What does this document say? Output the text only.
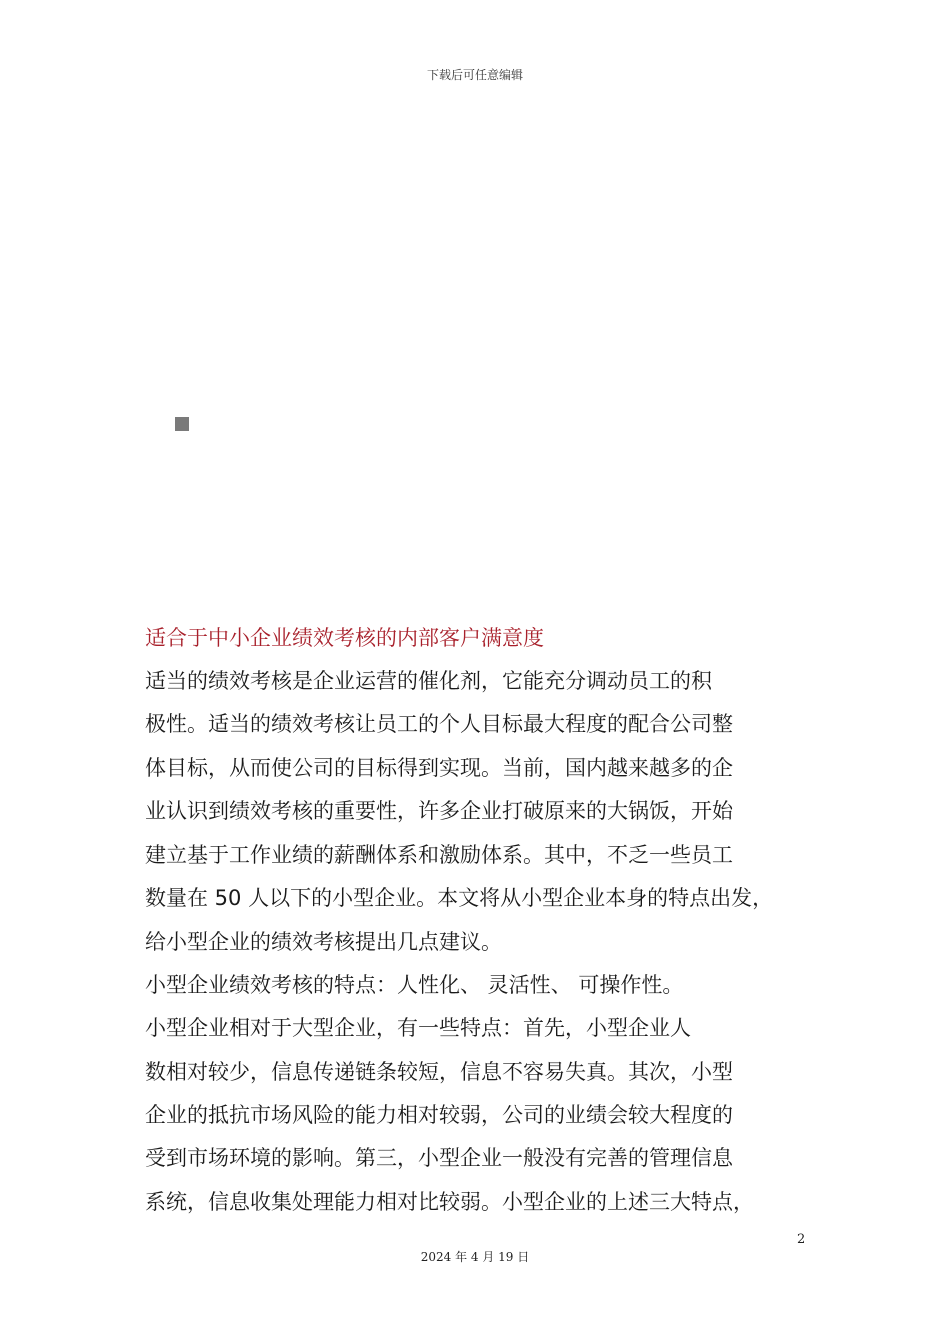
下载后可任意编辑
适合于中小企业绩效考核的内部客户满意度

适当的绩效考核是企业运营的催化剂，它能充分调动员工的积

极性。适当的绩效考核让员工的个人目标最大程度的配合公司整

体目标，从而使公司的目标得到实现。当前，国内越来越多的企

业认识到绩效考核的重要性，许多企业打破原来的大锅饭，开始

建立基于工作业绩的薪酬体系和激励体系。其中，不乏一些员工

数量在 50 人以下的小型企业。本文将从小型企业本身的特点出发，

给小型企业的绩效考核提出几点建议。

小型企业绩效考核的特点：人性化、 灵活性、 可操作性。

小型企业相对于大型企业，有一些特点：首先，小型企业人

数相对较少，信息传递链条较短，信息不容易失真。其次，小型

企业的抵抗市场风险的能力相对较弱，公司的业绩会较大程度的

受到市场环境的影响。第三，小型企业一般没有完善的管理信息

系统，信息收集处理能力相对比较弱。小型企业的上述三大特点，

2
2024 年 4 月 19 日
